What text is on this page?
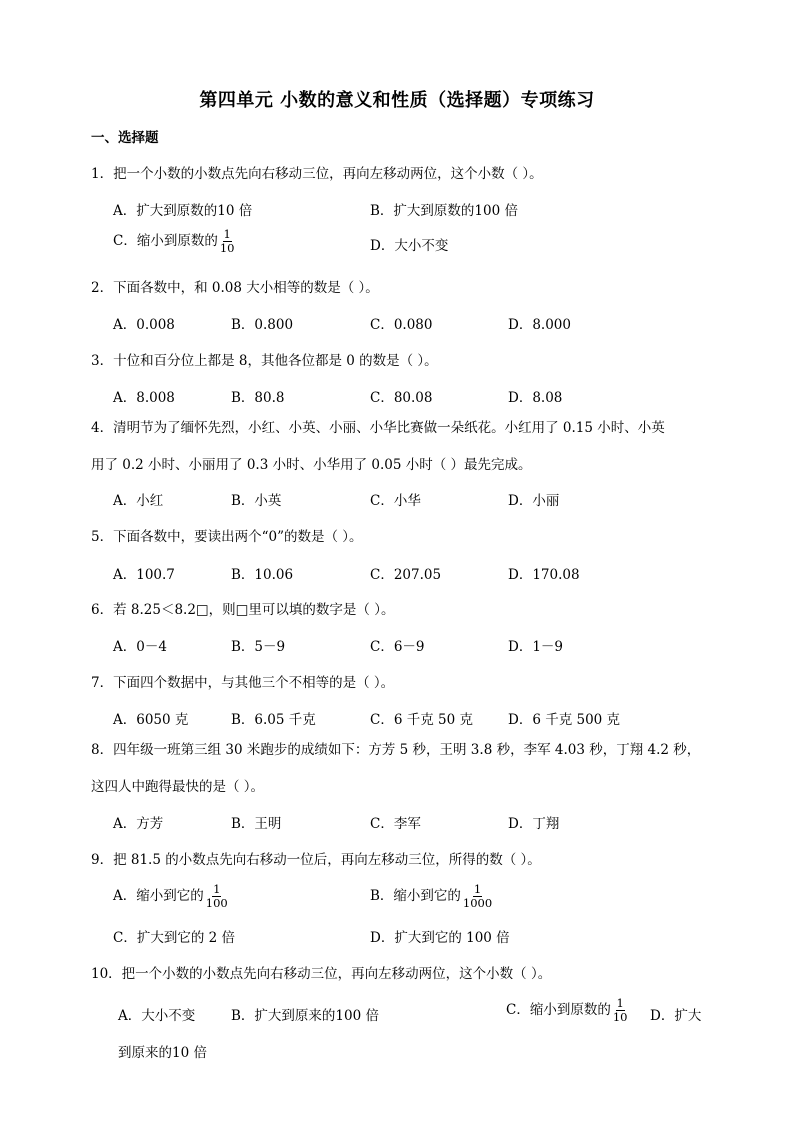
第四单元 小数的意义和性质（选择题）专项练习
一、选择题
1．把一个小数的小数点先向右移动三位，再向左移动两位，这个小数（ ）。
A．扩大到原数的10 倍	B．扩大到原数的100 倍
C．缩小到原数的 $\frac{1}{10}$	D．大小不变
2．下面各数中，和 0.08 大小相等的数是（ ）。
A．0.008	B．0.800	C．0.080	D．8.000
3．十位和百分位上都是 8，其他各位都是 0 的数是（ ）。
A．8.008	B．80.8	C．80.08	D．8.08
4．清明节为了缅怀先烈，小红、小英、小丽、小华比赛做一朵纸花。小红用了 0.15 小时、小英
用了 0.2 小时、小丽用了 0.3 小时、小华用了 0.05 小时（ ）最先完成。
A．小红	B．小英	C．小华	D．小丽
5．下面各数中，要读出两个“0”的数是（ ）。
A．100.7	B．10.06	C．207.05	D．170.08
6．若 8.25＜8.2□，则□里可以填的数字是（ ）。
A．0－4	B．5－9	C．6－9	D．1－9
7．下面四个数据中，与其他三个不相等的是（ ）。
A．6050 克	B．6.05 千克	C．6 千克 50 克	D．6 千克 500 克
8．四年级一班第三组 30 米跑步的成绩如下：方芳 5 秒，王明 3.8 秒，李军 4.03 秒，丁翔 4.2 秒，
这四人中跑得最快的是（ ）。
A．方芳	B．王明	C．李军	D．丁翔
9．把 81.5 的小数点先向右移动一位后，再向左移动三位，所得的数（ ）。
A．缩小到它的 $\frac{1}{100}$	B．缩小到它的 $\frac{1}{1000}$
C．扩大到它的 2 倍	D．扩大到它的 100 倍
10．把一个小数的小数点先向右移动三位，再向左移动两位，这个小数（ ）。
A．大小不变	B．扩大到原来的100 倍	C．缩小到原数的 $\frac{1}{10}$ D．扩大
到原来的10 倍
